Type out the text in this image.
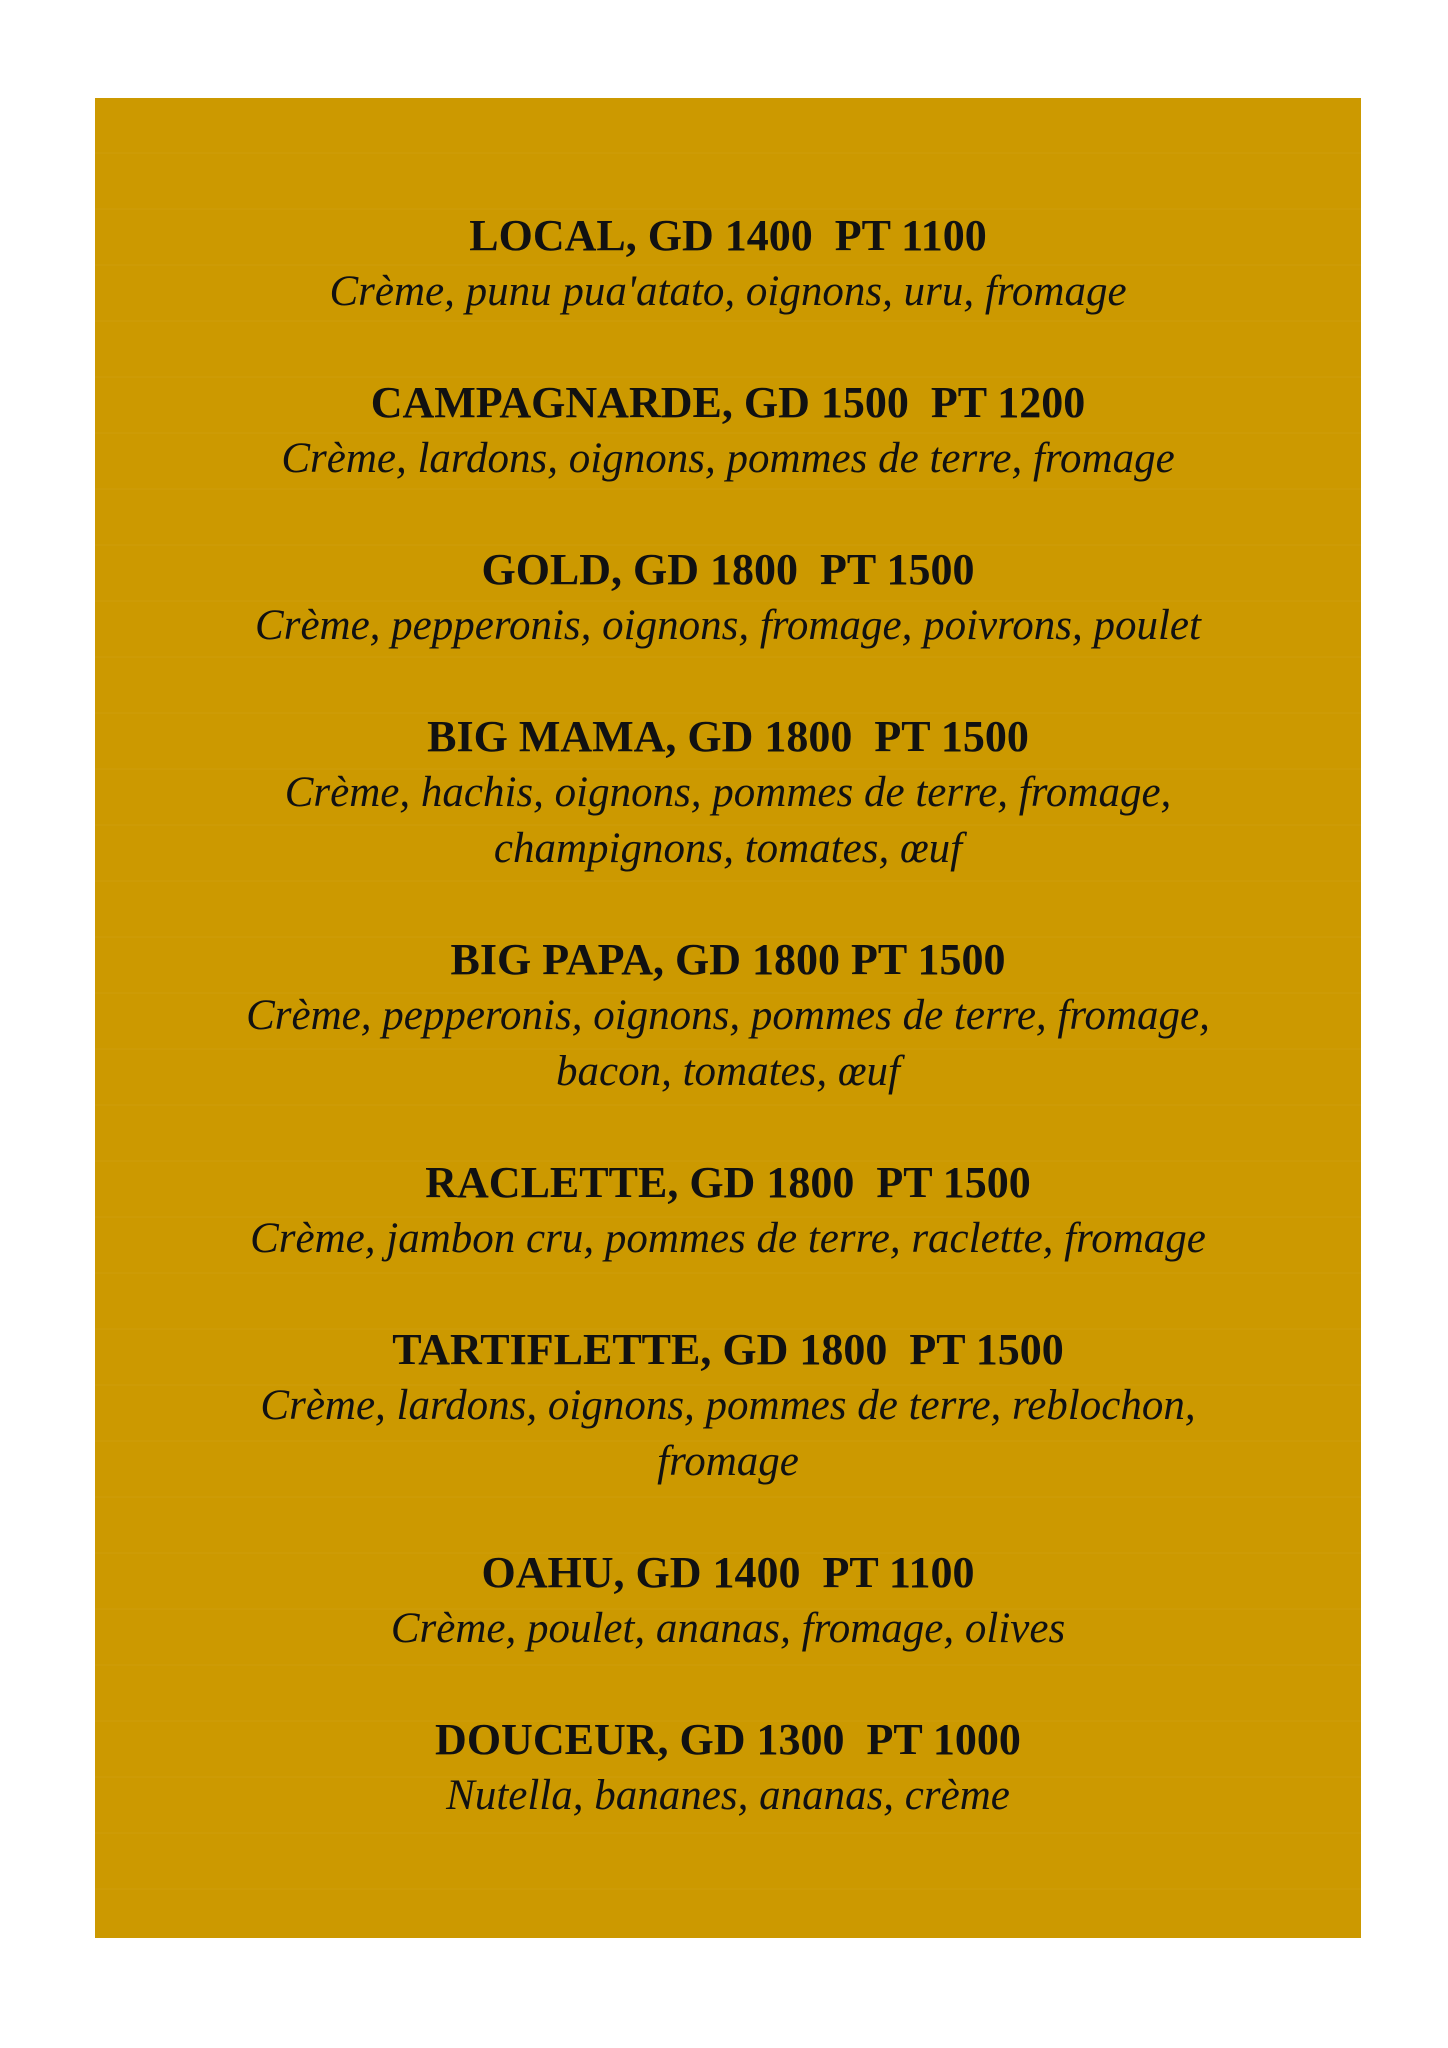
LOCAL, GD 1400  PT 1100
Crème, punu pua'atato, oignons, uru, fromage
CAMPAGNARDE, GD 1500  PT 1200
Crème, lardons, oignons, pommes de terre, fromage
GOLD, GD 1800  PT 1500
Crème, pepperonis, oignons, fromage, poivrons, poulet
BIG MAMA, GD 1800  PT 1500
Crème, hachis, oignons, pommes de terre, fromage,
champignons, tomates, œuf
BIG PAPA, GD 1800 PT 1500
Crème, pepperonis, oignons, pommes de terre, fromage,
bacon, tomates, œuf
RACLETTE, GD 1800  PT 1500
Crème, jambon cru, pommes de terre, raclette, fromage
TARTIFLETTE, GD 1800  PT 1500
Crème, lardons, oignons, pommes de terre, reblochon,
fromage
OAHU, GD 1400  PT 1100
Crème, poulet, ananas, fromage, olives
DOUCEUR, GD 1300  PT 1000
Nutella, bananes, ananas, crème
